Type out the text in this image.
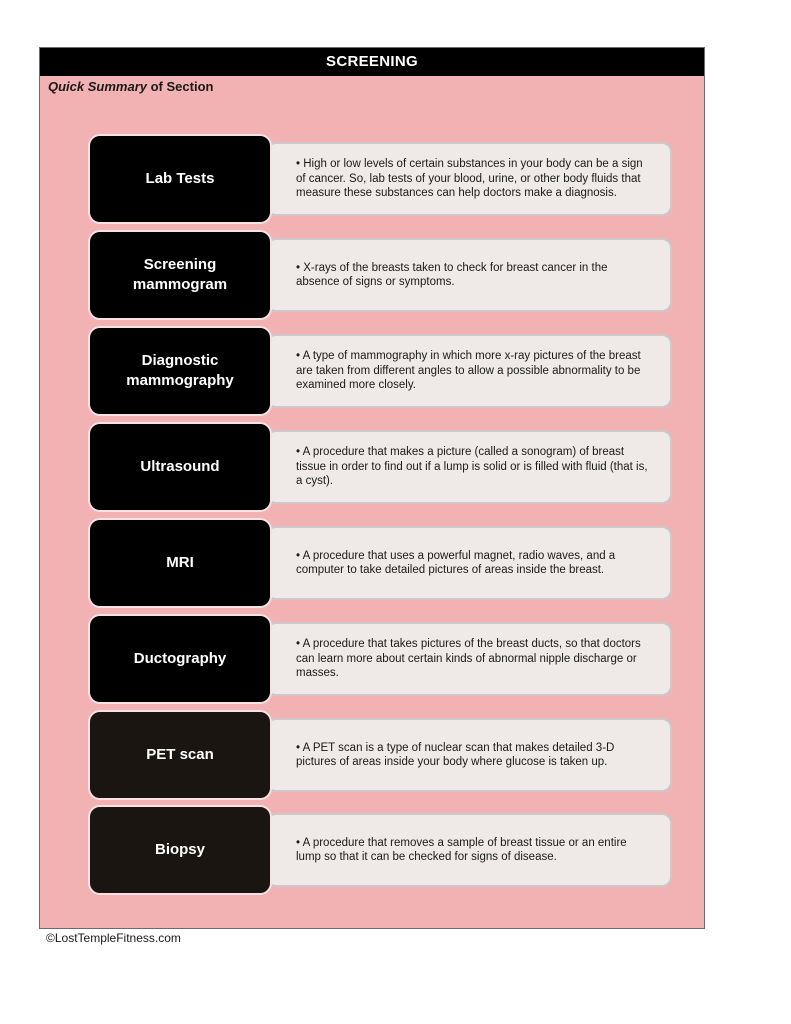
SCREENING
Quick Summary of Section
Lab Tests
• High or low levels of certain substances in your body can be a sign of cancer. So, lab tests of your blood, urine, or other body fluids that measure these substances can help doctors make a diagnosis.
Screening mammogram
• X-rays of the breasts taken to check for breast cancer in the absence of signs or symptoms.
Diagnostic mammography
• A type of mammography in which more x-ray pictures of the breast are taken from different angles to allow a possible abnormality to be examined more closely.
Ultrasound
• A procedure that makes a picture (called a sonogram) of breast tissue in order to find out if a lump is solid or is filled with fluid (that is, a cyst).
MRI	• A procedure that uses a powerful magnet, radio waves, and a computer to take detailed pictures of areas inside the breast.
Ductography
• A procedure that takes pictures of the breast ducts, so that doctors can learn more about certain kinds of abnormal nipple discharge or masses.
PET scan	• A PET scan is a type of nuclear scan that makes detailed 3-D pictures of areas inside your body where glucose is taken up.
Biopsy	• A procedure that removes a sample of breast tissue or an entire lump so that it can be checked for signs of disease.
©LostTempleFitness.com
